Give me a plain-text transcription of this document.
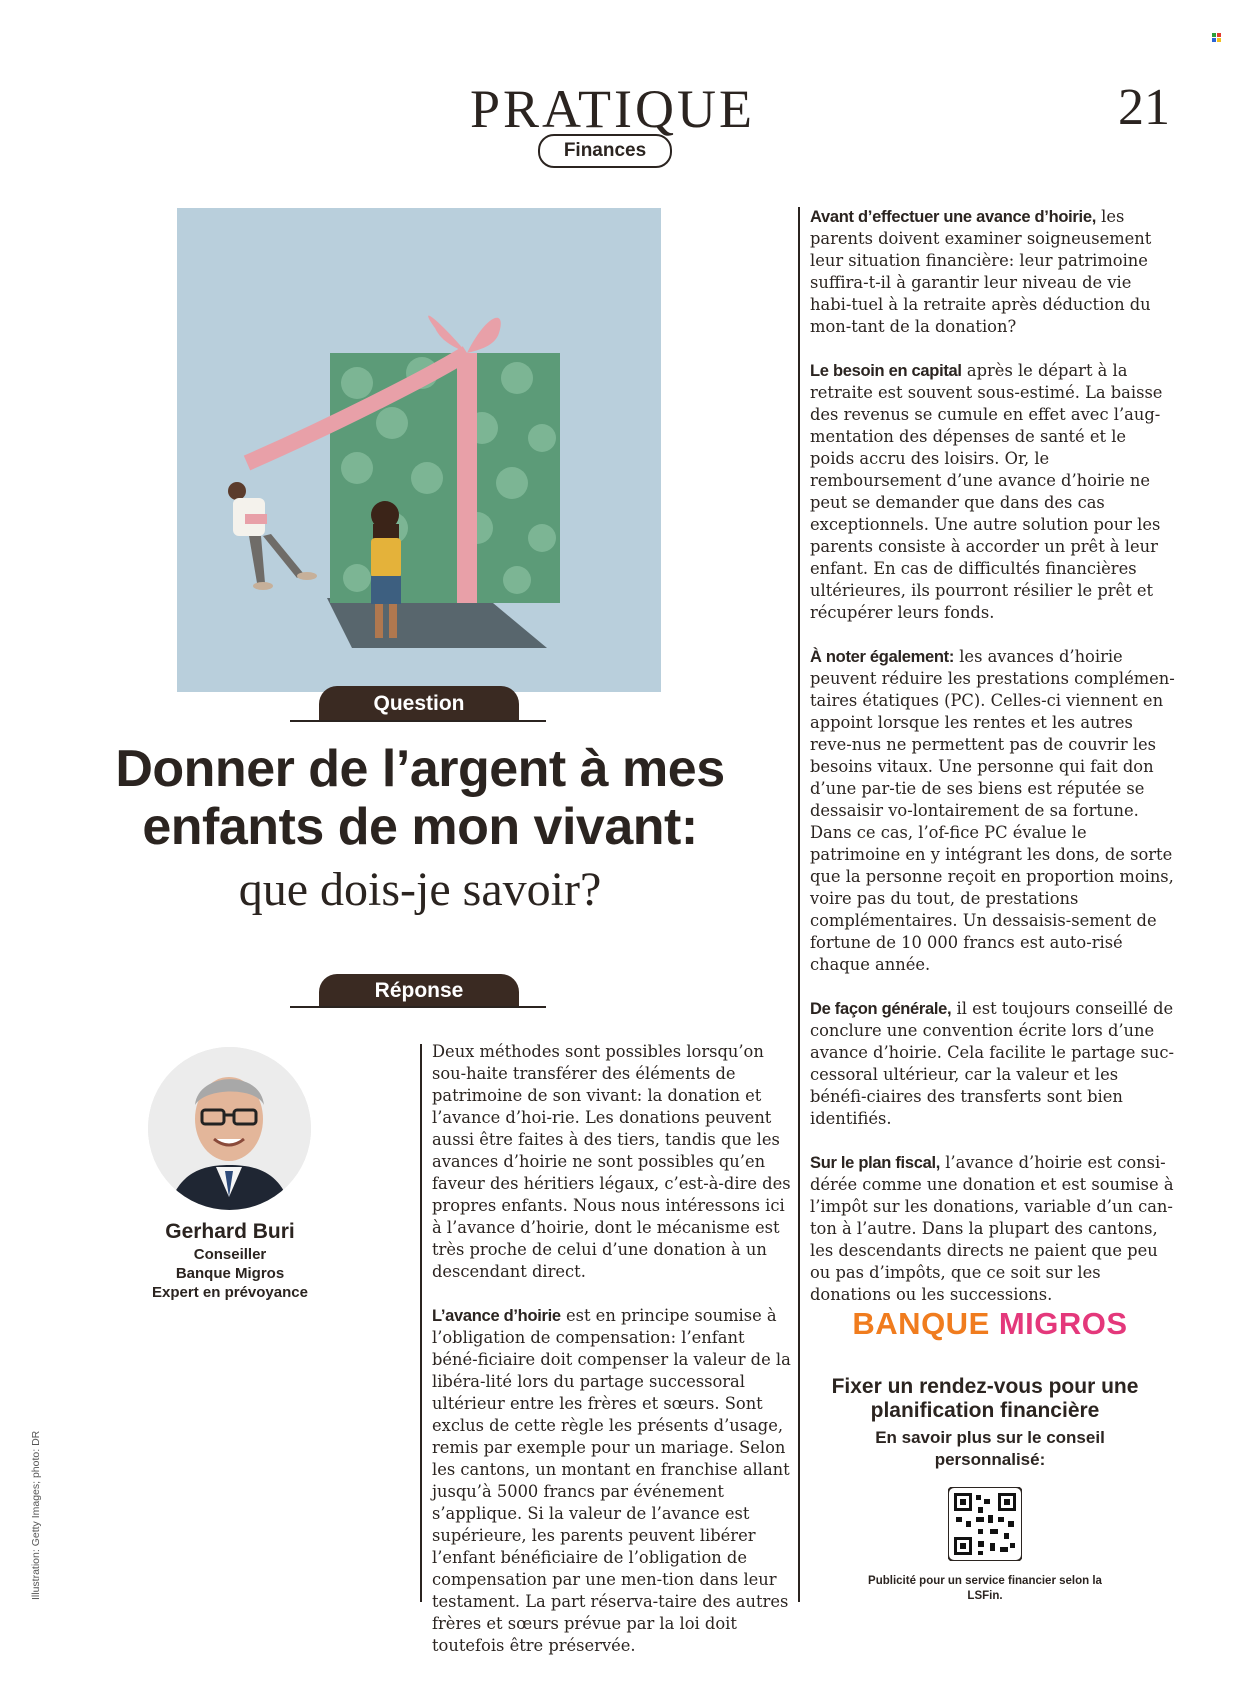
PRATIQUE	21
Finances
Question
Donner de l’argent à mes
enfants de mon vivant:
que dois-je savoir?
Réponse
Gerhard Buri
Conseiller
Banque Migros
Expert en prévoyance

Deux méthodes sont possibles lorsqu’on sou-haite transférer des éléments de patrimoine de son vivant: la donation et l’avance d’hoi-rie. Les donations peuvent aussi être faites à des tiers, tandis que les avances d’hoirie ne sont possibles qu’en faveur des héritiers légaux, c’est-à-dire des propres enfants. Nous nous intéressons ici à l’avance d’hoirie, dont le mécanisme est très proche de celui d’une donation à un descendant direct.

L’avance d’hoirie est en principe soumise à l’obligation de compensation: l’enfant béné-ficiaire doit compenser la valeur de la libéra-lité lors du partage successoral ultérieur entre les frères et sœurs. Sont exclus de cette règle les présents d’usage, remis par exemple pour un mariage. Selon les cantons, un montant en franchise allant jusqu’à 5000 francs par événement s’applique. Si la valeur de l’avance est supérieure, les parents peuvent libérer l’enfant bénéficiaire de l’obligation de compensation par une men-tion dans leur testament. La part réserva-taire des autres frères et sœurs prévue par la loi doit toutefois être préservée.

Avant d’effectuer une avance d’hoirie, les parents doivent examiner soigneusement leur situation financière: leur patrimoine suffira-t-il à garantir leur niveau de vie habi-tuel à la retraite après déduction du mon-tant de la donation?

Le besoin en capital après le départ à la retraite est souvent sous-estimé. La baisse des revenus se cumule en effet avec l’aug-mentation des dépenses de santé et le poids accru des loisirs. Or, le remboursement d’une avance d’hoirie ne peut se demander que dans des cas exceptionnels. Une autre solution pour les parents consiste à accorder un prêt à leur enfant. En cas de difficultés financières ultérieures, ils pourront résilier le prêt et récupérer leurs fonds.

À noter également: les avances d’hoirie peuvent réduire les prestations complémen-taires étatiques (PC). Celles-ci viennent en appoint lorsque les rentes et les autres reve-nus ne permettent pas de couvrir les besoins vitaux. Une personne qui fait don d’une par-tie de ses biens est réputée se dessaisir vo-lontairement de sa fortune. Dans ce cas, l’of-fice PC évalue le patrimoine en y intégrant les dons, de sorte que la personne reçoit en proportion moins, voire pas du tout, de prestations complémentaires. Un dessaisis-sement de fortune de 10 000 francs est auto-risé chaque année.

De façon générale, il est toujours conseillé de conclure une convention écrite lors d’une avance d’hoirie. Cela facilite le partage suc-cessoral ultérieur, car la valeur et les bénéfi-ciaires des transferts sont bien identifiés.

Sur le plan fiscal, l’avance d’hoirie est consi-dérée comme une donation et est soumise à l’impôt sur les donations, variable d’un can-ton à l’autre. Dans la plupart des cantons, les descendants directs ne paient que peu ou pas d’impôts, que ce soit sur les donations ou les successions.

BANQUE MIGROS
Fixer un rendez-vous pour une planification financière
En savoir plus sur le conseil personnalisé:
Publicité pour un service financier selon la LSFin.
Illustration: Getty Images; photo: DR
